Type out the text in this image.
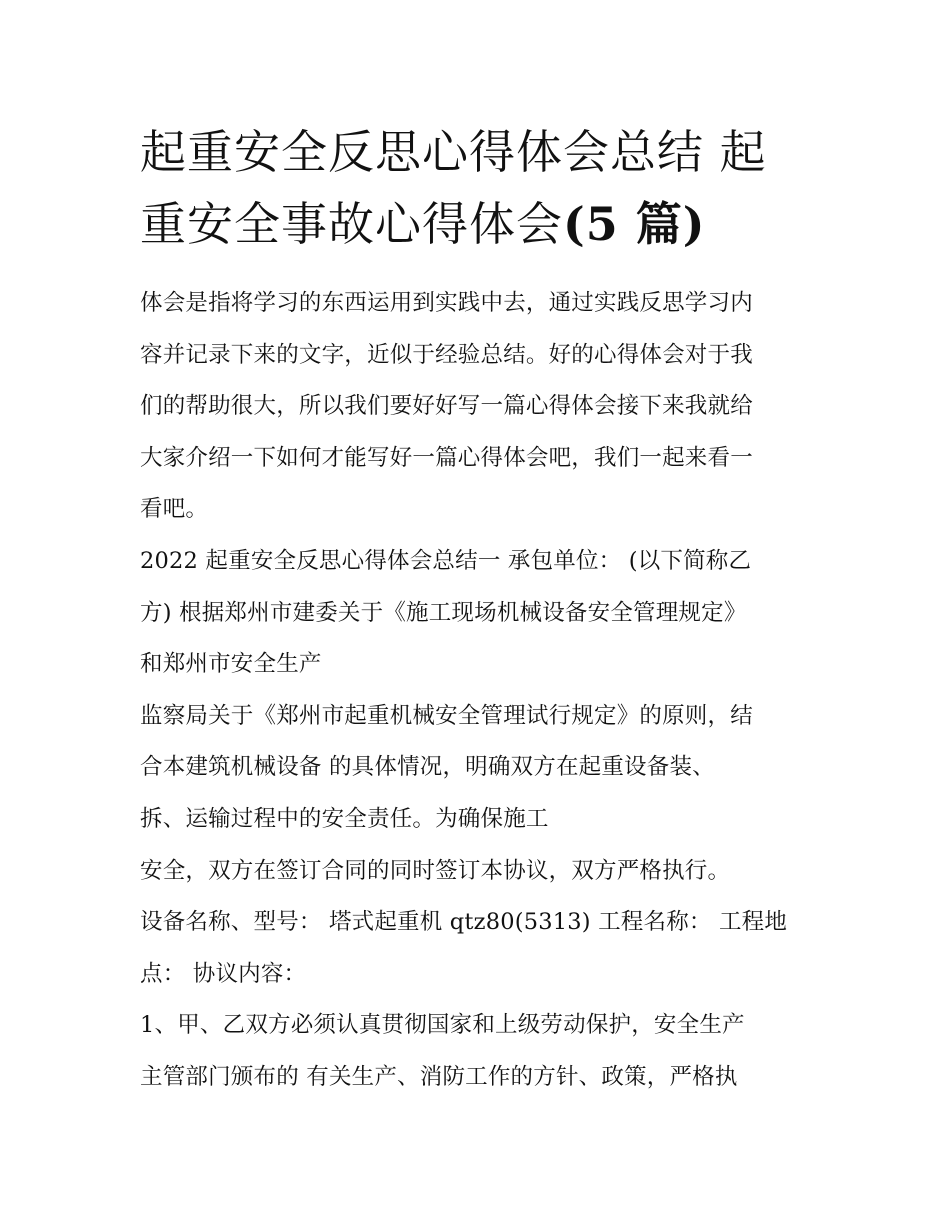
起重安全反思心得体会总结 起
重安全事故心得体会(5 篇)
体会是指将学习的东西运用到实践中去，通过实践反思学习内
容并记录下来的文字，近似于经验总结。好的心得体会对于我
们的帮助很大，所以我们要好好写一篇心得体会接下来我就给
大家介绍一下如何才能写好一篇心得体会吧，我们一起来看一
看吧。
2022 起重安全反思心得体会总结一 承包单位： (以下简称乙
方) 根据郑州市建委关于《施工现场机械设备安全管理规定》
和郑州市安全生产
监察局关于《郑州市起重机械安全管理试行规定》的原则，结
合本建筑机械设备 的具体情况，明确双方在起重设备装、
拆、运输过程中的安全责任。为确保施工
安全，双方在签订合同的同时签订本协议，双方严格执行。
设备名称、型号： 塔式起重机 qtz80(5313) 工程名称： 工程地
点： 协议内容：
1、甲、乙双方必须认真贯彻国家和上级劳动保护，安全生产
主管部门颁布的 有关生产、消防工作的方针、政策，严格执
